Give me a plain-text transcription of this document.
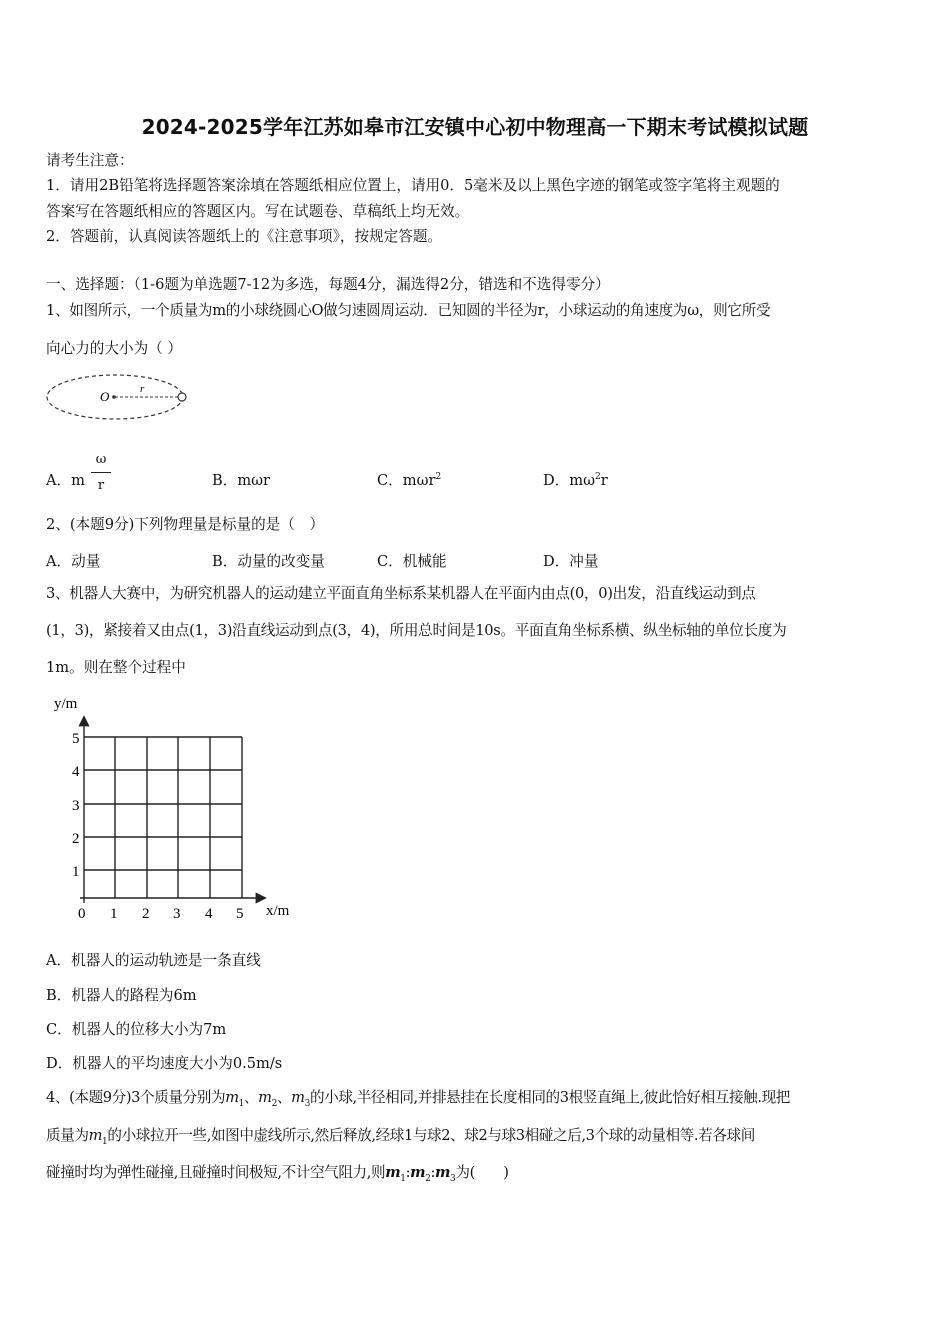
2024-2025学年江苏如皋市江安镇中心初中物理高一下期末考试模拟试题
请考生注意：
1．请用2B铅笔将选择题答案涂填在答题纸相应位置上，请用0．5毫米及以上黑色字迹的钢笔或签字笔将主观题的
答案写在答题纸相应的答题区内。写在试题卷、草稿纸上均无效。
2．答题前，认真阅读答题纸上的《注意事项》，按规定答题。
一、选择题：（1-6题为单选题7-12为多选，每题4分，漏选得2分，错选和不选得零分）
1、如图所示，一个质量为m的小球绕圆心O做匀速圆周运动．已知圆的半径为r，小球运动的角速度为ω，则它所受
向心力的大小为（ ）
O	r
A．m
ω
r	B．mωr	C．mωr$^2$	D．$m\omega^2r$
2、(本题9分)下列物理量是标量的是（　）
A．动量	B．动量的改变量	C．机械能	D．冲量
3、机器人大赛中，为研究机器人的运动建立平面直角坐标系某机器人在平面内由点(0，0)出发，沿直线运动到点
(1，3)，紧接着又由点(1，3)沿直线运动到点(3，4)，所用总时间是10s。平面直角坐标系横、纵坐标轴的单位长度为
1m。则在整个过程中
y/m
x/m
0 1 2 3 4 5
1
2
3
4
5
A．机器人的运动轨迹是一条直线
B．机器人的路程为6m
C．机器人的位移大小为7m
D．机器人的平均速度大小为0.5m/s
4、(本题9分)3个质量分别为$m_1$、$m_2$、$m_3$的小球,半径相同,并排悬挂在长度相同的3根竖直绳上,彼此恰好相互接触.现把
质量为$m_1$的小球拉开一些,如图中虚线所示,然后释放,经球1与球2、球2与球3相碰之后,3个球的动量相等.若各球间
碰撞时均为弹性碰撞,且碰撞时间极短,不计空气阻力,则$m_1:m_2:m_3$为(　　)
